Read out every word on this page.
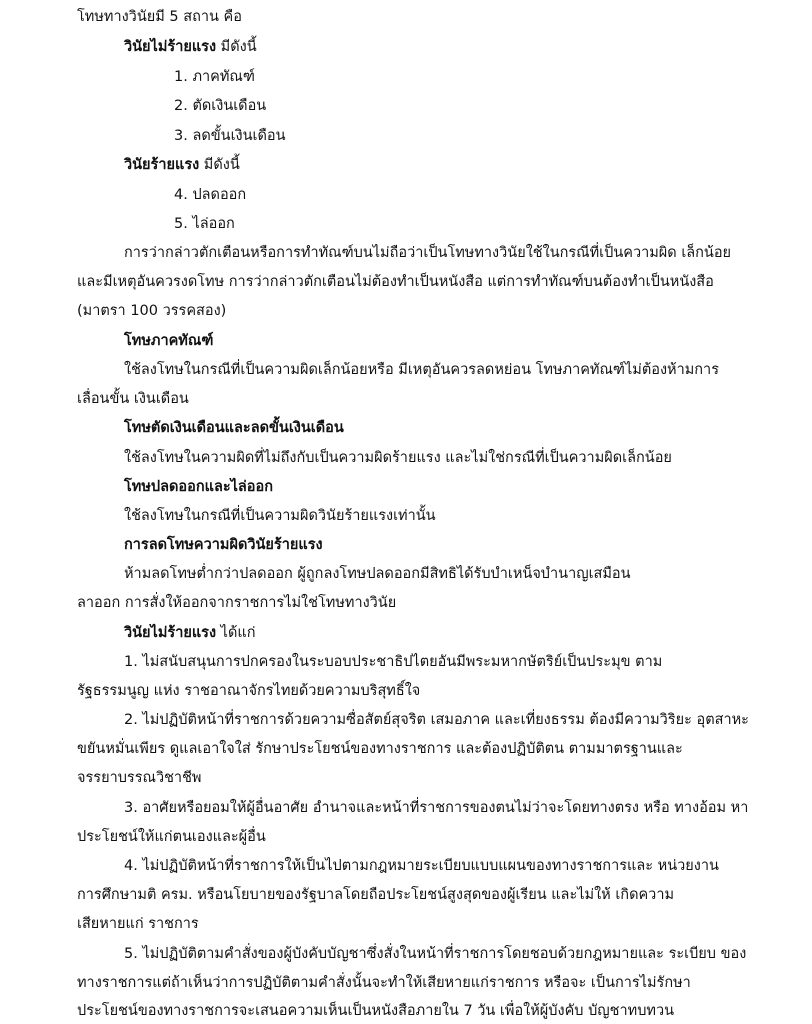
โทษทางวินัยมี 5 สถาน คือ
วินัยไม่ร้ายแรง มีดังนี้
1. ภาคทัณฑ์
2. ตัดเงินเดือน
3. ลดขั้นเงินเดือน
วินัยร้ายแรง มีดังนี้
4. ปลดออก
5. ไล่ออก
การว่ากล่าวตักเตือนหรือการทำทัณฑ์บนไม่ถือว่าเป็นโทษทางวินัยใช้ในกรณีที่เป็นความผิด เล็กน้อย
และมีเหตุอันควรงดโทษ การว่ากล่าวตักเตือนไม่ต้องทำเป็นหนังสือ แต่การทำทัณฑ์บนต้องทำเป็นหนังสือ
(มาตรา 100 วรรคสอง)
โทษภาคทัณฑ์
ใช้ลงโทษในกรณีที่เป็นความผิดเล็กน้อยหรือ มีเหตุอันควรลดหย่อน โทษภาคทัณฑ์ไม่ต้องห้ามการ
เลื่อนขั้น เงินเดือน
โทษตัดเงินเดือนและลดขั้นเงินเดือน
ใช้ลงโทษในความผิดที่ไม่ถึงกับเป็นความผิดร้ายแรง และไม่ใช่กรณีที่เป็นความผิดเล็กน้อย
โทษปลดออกและไล่ออก
ใช้ลงโทษในกรณีที่เป็นความผิดวินัยร้ายแรงเท่านั้น
การลดโทษความผิดวินัยร้ายแรง
ห้ามลดโทษต่ำกว่าปลดออก ผู้ถูกลงโทษปลดออกมีสิทธิได้รับบำเหน็จบำนาญเสมือน
ลาออก การสั่งให้ออกจากราชการไม่ใช่โทษทางวินัย
วินัยไม่ร้ายแรง ได้แก่
1. ไม่สนับสนุนการปกครองในระบอบประชาธิปไตยอันมีพระมหากษัตริย์เป็นประมุข ตาม
รัฐธรรมนูญ แห่ง ราชอาณาจักรไทยด้วยความบริสุทธิ์ใจ
2. ไม่ปฏิบัติหน้าที่ราชการด้วยความซื่อสัตย์สุจริต เสมอภาค และเที่ยงธรรม ต้องมีความวิริยะ อุตสาหะ
ขยันหมั่นเพียร ดูแลเอาใจใส่ รักษาประโยชน์ของทางราชการ และต้องปฏิบัติตน ตามมาตรฐานและ
จรรยาบรรณวิชาชีพ
3. อาศัยหรือยอมให้ผู้อื่นอาศัย อำนาจและหน้าที่ราชการของตนไม่ว่าจะโดยทางตรง หรือ ทางอ้อม หา
ประโยชน์ให้แก่ตนเองและผู้อื่น
4. ไม่ปฏิบัติหน้าที่ราชการให้เป็นไปตามกฎหมายระเบียบแบบแผนของทางราชการและ หน่วยงาน
การศึกษามติ ครม. หรือนโยบายของรัฐบาลโดยถือประโยชน์สูงสุดของผู้เรียน และไม่ให้ เกิดความ
เสียหายแก่ ราชการ
5. ไม่ปฏิบัติตามคำสั่งของผู้บังคับบัญชาซึ่งสั่งในหน้าที่ราชการโดยชอบด้วยกฎหมายและ ระเบียบ ของ
ทางราชการแต่ถ้าเห็นว่าการปฏิบัติตามคำสั่งนั้นจะทำให้เสียหายแก่ราชการ หรือจะ เป็นการไม่รักษา
ประโยชน์ของทางราชการจะเสนอความเห็นเป็นหนังสือภายใน 7 วัน เพื่อให้ผู้บังคับ บัญชาทบทวน
